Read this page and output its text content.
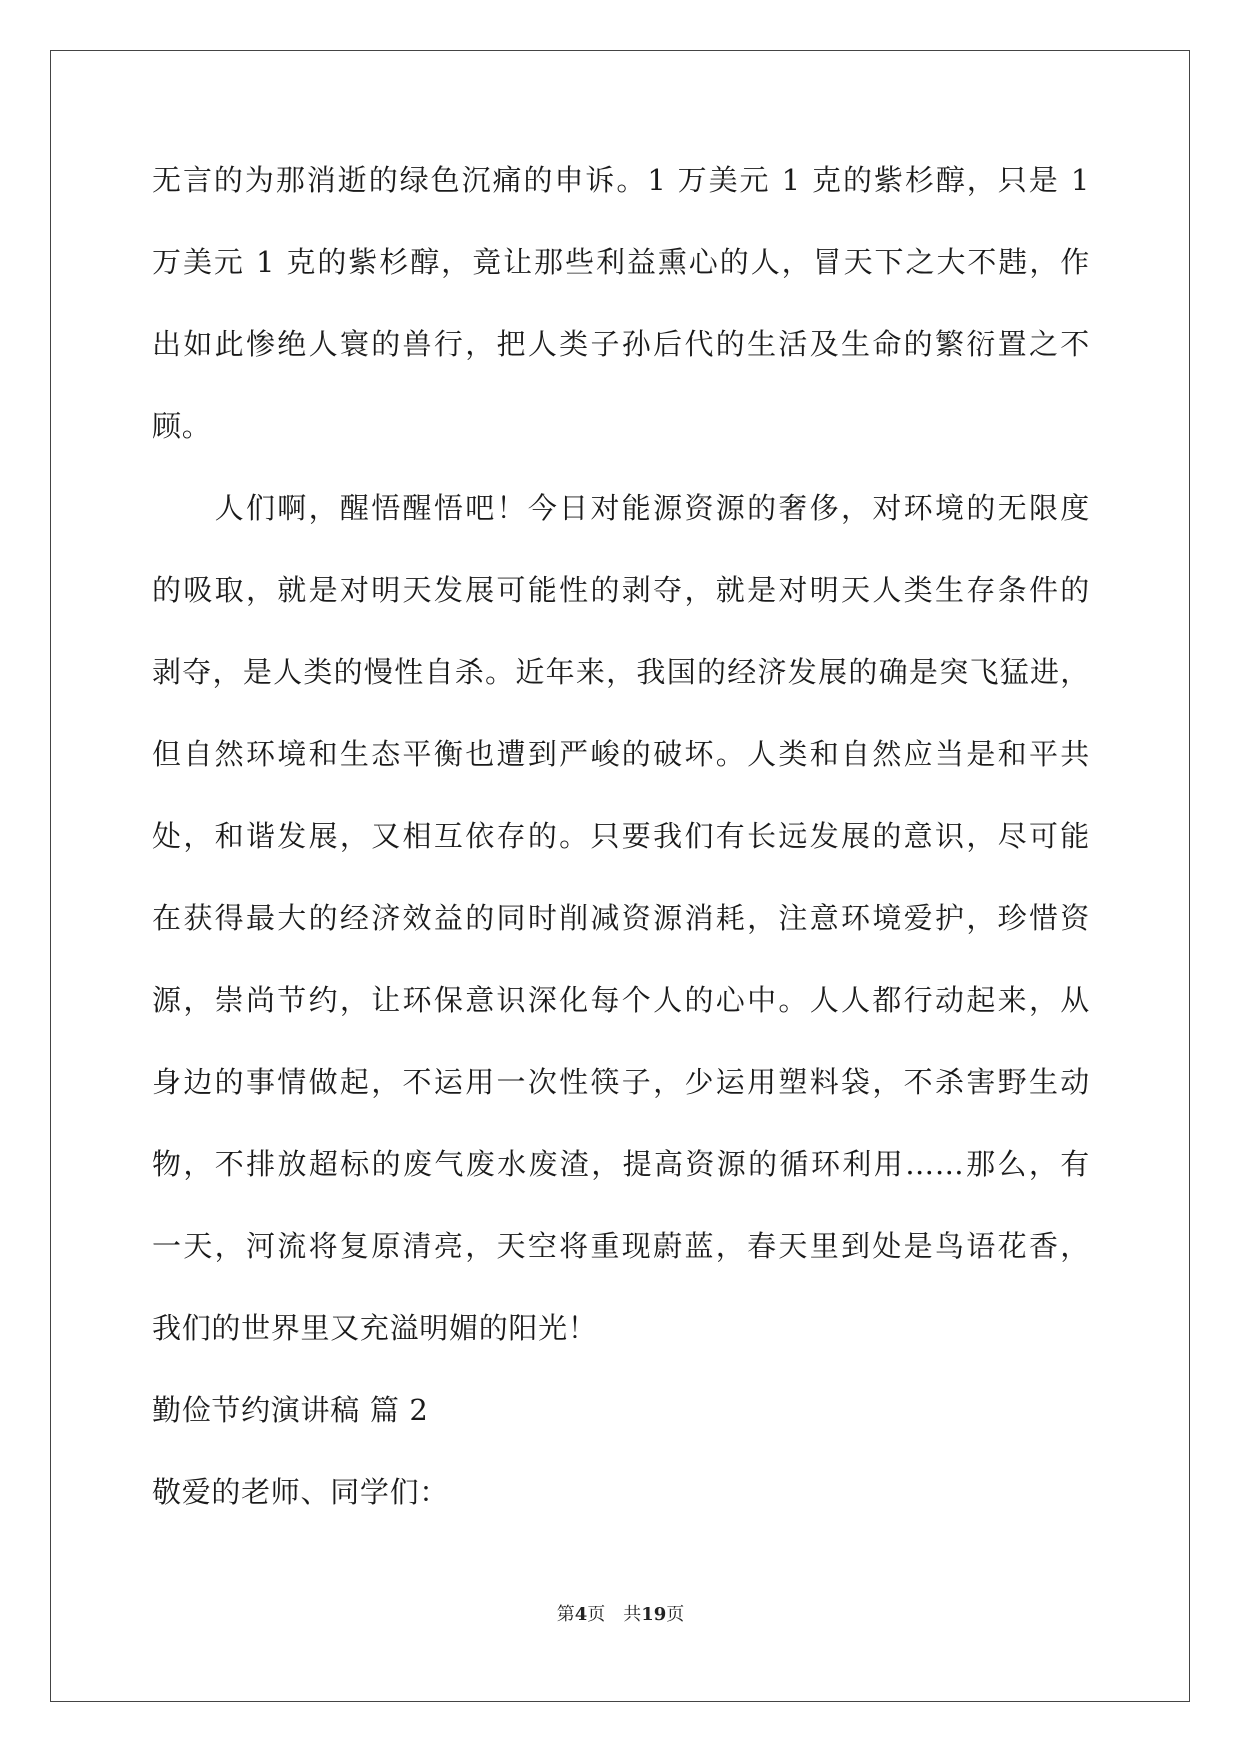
无言的为那消逝的绿色沉痛的申诉。1 万美元 1 克的紫杉醇，只是 1
万美元 1 克的紫杉醇，竟让那些利益熏心的人，冒天下之大不韪，作
出如此惨绝人寰的兽行，把人类子孙后代的生活及生命的繁衍置之不
顾。
　　人们啊，醒悟醒悟吧！今日对能源资源的奢侈，对环境的无限度
的吸取，就是对明天发展可能性的剥夺，就是对明天人类生存条件的
剥夺，是人类的慢性自杀。近年来，我国的经济发展的确是突飞猛进，
但自然环境和生态平衡也遭到严峻的破坏。人类和自然应当是和平共
处，和谐发展，又相互依存的。只要我们有长远发展的意识，尽可能
在获得最大的经济效益的同时削减资源消耗，注意环境爱护，珍惜资
源，崇尚节约，让环保意识深化每个人的心中。人人都行动起来，从
身边的事情做起，不运用一次性筷子，少运用塑料袋，不杀害野生动
物，不排放超标的废气废水废渣，提高资源的循环利用……那么，有
一天，河流将复原清亮，天空将重现蔚蓝，春天里到处是鸟语花香，
我们的世界里又充溢明媚的阳光！
勤俭节约演讲稿 篇 2
敬爱的老师、同学们：
第4页 共19页
